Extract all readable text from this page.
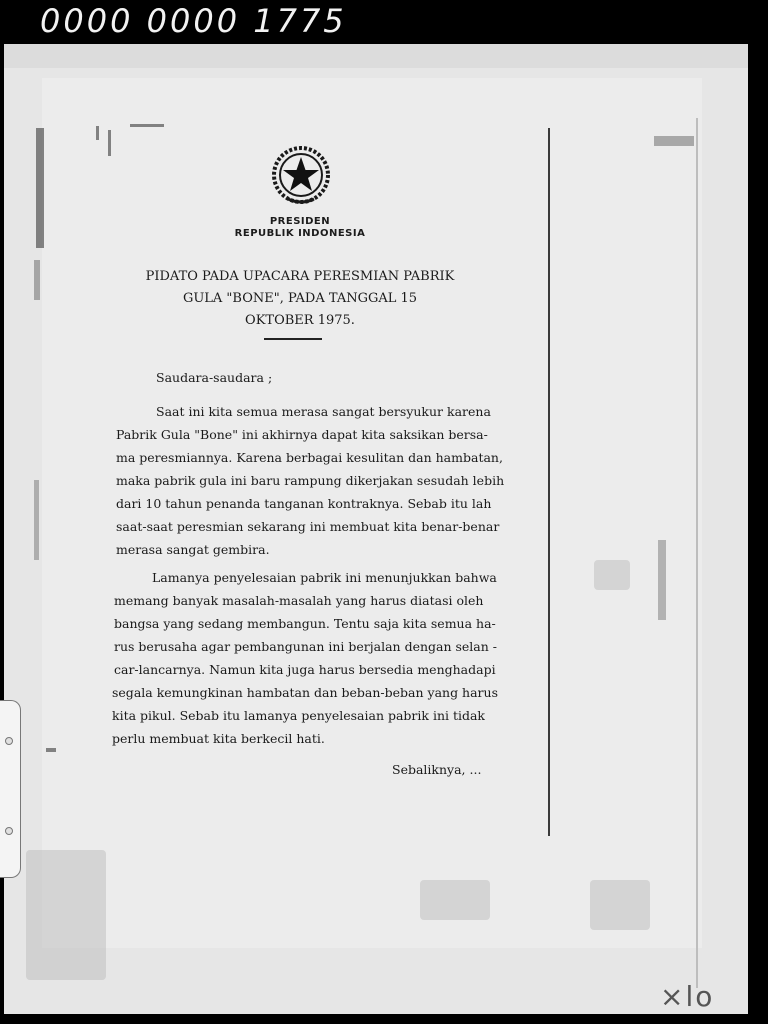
0000 0000 1775
PRESIDEN
REPUBLIK INDONESIA
PIDATO PADA UPACARA PERESMIAN PABRIK
GULA "BONE", PADA TANGGAL 15
OKTOBER 1975.
Saudara-saudara ;
Saat ini kita semua merasa sangat bersyukur karena
Pabrik Gula "Bone" ini akhirnya dapat kita saksikan bersa-
ma peresmiannya. Karena berbagai kesulitan dan hambatan,
maka pabrik gula ini baru rampung dikerjakan sesudah lebih
dari 10 tahun penanda tanganan kontraknya. Sebab itu lah
saat-saat peresmian sekarang ini membuat kita benar-benar
merasa sangat gembira.
Lamanya penyelesaian pabrik ini menunjukkan bahwa
memang banyak masalah-masalah yang harus diatasi oleh
bangsa yang sedang membangun. Tentu saja kita semua ha-
rus berusaha agar pembangunan ini berjalan dengan selan -
car-lancarnya. Namun kita juga harus bersedia menghadapi
segala kemungkinan hambatan dan beban-beban yang harus
kita pikul. Sebab itu lamanya penyelesaian pabrik ini tidak
perlu membuat kita berkecil hati.
Sebaliknya, ...
×lo
